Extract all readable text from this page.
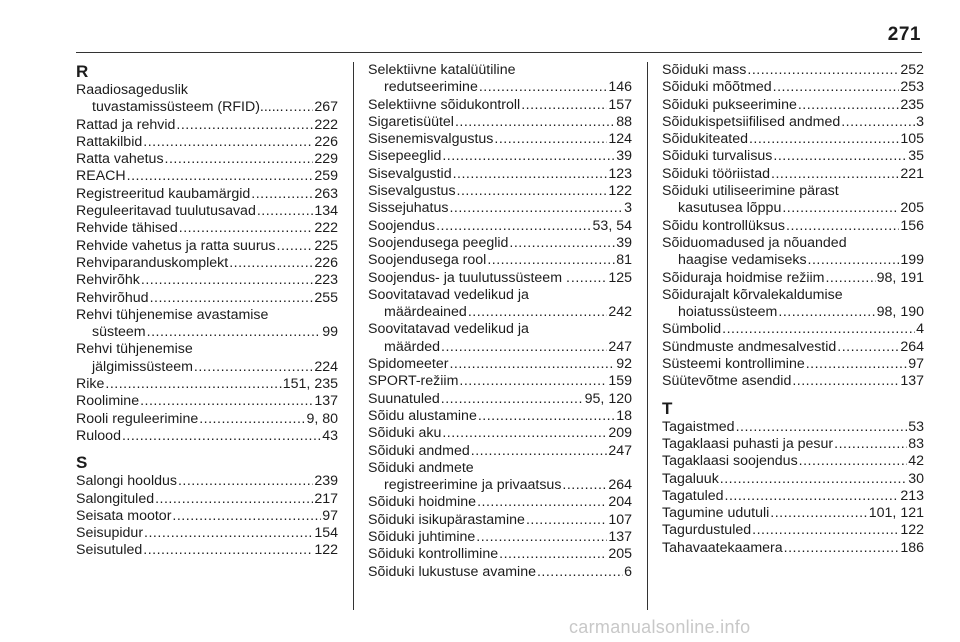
271
R
Raadiosageduslik
tuvastamissüsteem (RFID)...... ..... 267
Rattad ja rehvid .....	222
Rattakilbid .....	226
Ratta vahetus .....	229
REACH .....	259
Registreeritud kaubamärgid .....	263
Reguleeritavad tuulutusavad .....	134
Rehvide tähised .....	222
Rehvide vahetus ja ratta suurus .....	225
Rehviparanduskomplekt .....	226
Rehvirõhk .....	223
Rehvirõhud .....	255
Rehvi tühjenemise avastamise
süsteem .....	99
Rehvi tühjenemise
jälgimissüsteem .....	224
Rike .....	151, 235
Roolimine .....	137
Rooli reguleerimine .....	9, 80
Rulood .....	43
S
Salongi hooldus .....	239
Salongituled .....	217
Seisata mootor .....	97
Seisupidur .....	154
Seisutuled .....	122
Selektiivne katalüütiline
redutseerimine .....	146
Selektiivne sõidukontroll .....	157
Sigaretisüütel .....	88
Sisenemisvalgustus .....	124
Sisepeeglid .....	39
Sisevalgustid .....	123
Sisevalgustus .....	122
Sissejuhatus .....	3
Soojendus .....	53, 54
Soojendusega peeglid .....	39
Soojendusega rool .....	81
Soojendus- ja tuulutussüsteem . .....	125
Soovitatavad vedelikud ja
määrdeained .....	242
Soovitatavad vedelikud ja
määrded .....	247
Spidomeeter .....	92
SPORT-režiim .....	159
Suunatuled .....	95, 120
Sõidu alustamine .....	18
Sõiduki aku .....	209
Sõiduki andmed .....	247
Sõiduki andmete
registreerimine ja privaatsus .....	264
Sõiduki hoidmine .....	204
Sõiduki isikupärastamine .....	107
Sõiduki juhtimine .....	137
Sõiduki kontrollimine .....	205
Sõiduki lukustuse avamine .....	6
Sõiduki mass .....	252
Sõiduki mõõtmed .....	253
Sõiduki pukseerimine .....	235
Sõidukispetsiifilised andmed .....	3
Sõidukiteated .....	105
Sõiduki turvalisus .....	35
Sõiduki tööriistad .....	221
Sõiduki utiliseerimine pärast
kasutusea lõppu .....	205
Sõidu kontrollüksus .....	156
Sõiduomadused ja nõuanded
haagise vedamiseks .....	199
Sõiduraja hoidmise režiim .....	98, 191
Sõidurajalt kõrvalekaldumise
hoiatussüsteem .....	98, 190
Sümbolid .....	4
Sündmuste andmesalvestid .....	264
Süsteemi kontrollimine .....	97
Süütevõtme asendid .....	137
T
Tagaistmed .....	53
Tagaklaasi puhasti ja pesur .....	83
Tagaklaasi soojendus .....	42
Tagaluuk .....	30
Tagatuled .....	213
Tagumine udutuli .....	101, 121
Tagurdustuled .....	122
Tahavaatekaamera .....	186
carmanualsonline.info
